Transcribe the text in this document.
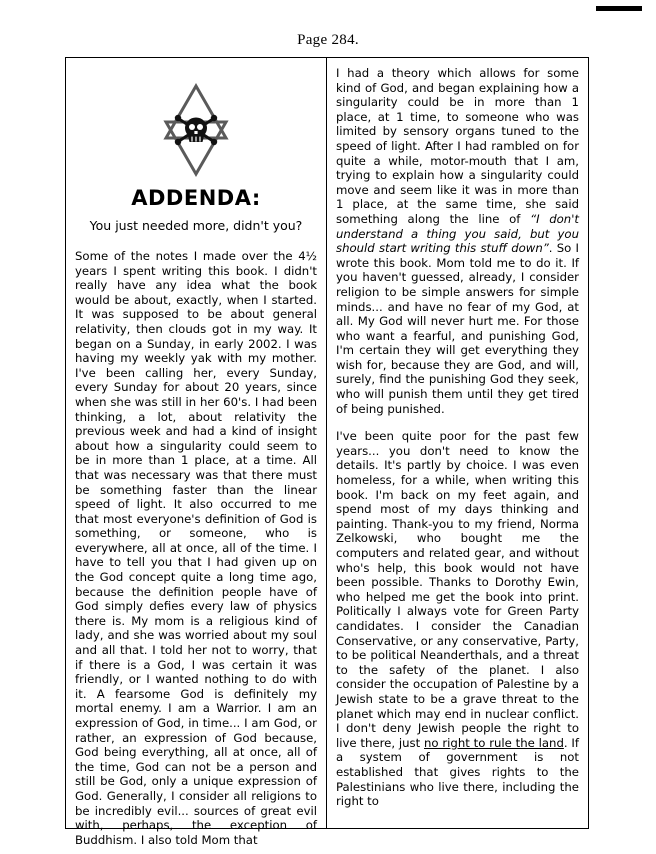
Page 284.
ADDENDA:
You just needed more, didn't you?

Some of the notes I made over the 4½ years I spent writing this book. I didn't really have any idea what the book would be about, exactly, when I started. It was supposed to be about general relativity, then clouds got in my way. It began on a Sunday, in early 2002. I was having my weekly yak with my mother. I've been calling her, every Sunday, every Sunday for about 20 years, since when she was still in her 60's. I had been thinking, a lot, about relativity the previous week and had a kind of insight about how a singularity could seem to be in more than 1 place, at a time. All that was necessary was that there must be something faster than the linear speed of light. It also occurred to me that most everyone's definition of God is something, or someone, who is everywhere, all at once, all of the time. I have to tell you that I had given up on the God concept quite a long time ago, because the definition people have of God simply defies every law of physics there is. My mom is a religious kind of lady, and she was worried about my soul and all that. I told her not to worry, that if there is a God, I was certain it was friendly, or I wanted nothing to do with it. A fearsome God is definitely my mortal enemy. I am a Warrior. I am an expression of God, in time... I am God, or rather, an expression of God because, God being everything, all at once, all of the time, God can not be a person and still be God, only a unique expression of God. Generally, I consider all religions to be incredibly evil... sources of great evil with, perhaps, the exception of Buddhism. I also told Mom that

I had a theory which allows for some kind of God, and began explaining how a singularity could be in more than 1 place, at 1 time, to someone who was limited by sensory organs tuned to the speed of light. After I had rambled on for quite a while, motor-mouth that I am, trying to explain how a singularity could move and seem like it was in more than 1 place, at the same time, she said something along the line of “I don't understand a thing you said, but you should start writing this stuff down”. So I wrote this book. Mom told me to do it. If you haven't guessed, already, I consider religion to be simple answers for simple minds... and have no fear of my God, at all. My God will never hurt me. For those who want a fearful, and punishing God, I'm certain they will get everything they wish for, because they are God, and will, surely, find the punishing God they seek, who will punish them until they get tired of being punished.

I've been quite poor for the past few years... you don't need to know the details. It's partly by choice. I was even homeless, for a while, when writing this book. I'm back on my feet again, and spend most of my days thinking and painting. Thank-you to my friend, Norma Zelkowski, who bought me the computers and related gear, and without who's help, this book would not have been possible. Thanks to Dorothy Ewin, who helped me get the book into print. Politically I always vote for Green Party candidates. I consider the Canadian Conservative, or any conservative, Party, to be political Neanderthals, and a threat to the safety of the planet. I also consider the occupation of Palestine by a Jewish state to be a grave threat to the planet which may end in nuclear conflict. I don't deny Jewish people the right to live there, just no right to rule the land. If a system of government is not established that gives rights to the Palestinians who live there, including the right to
